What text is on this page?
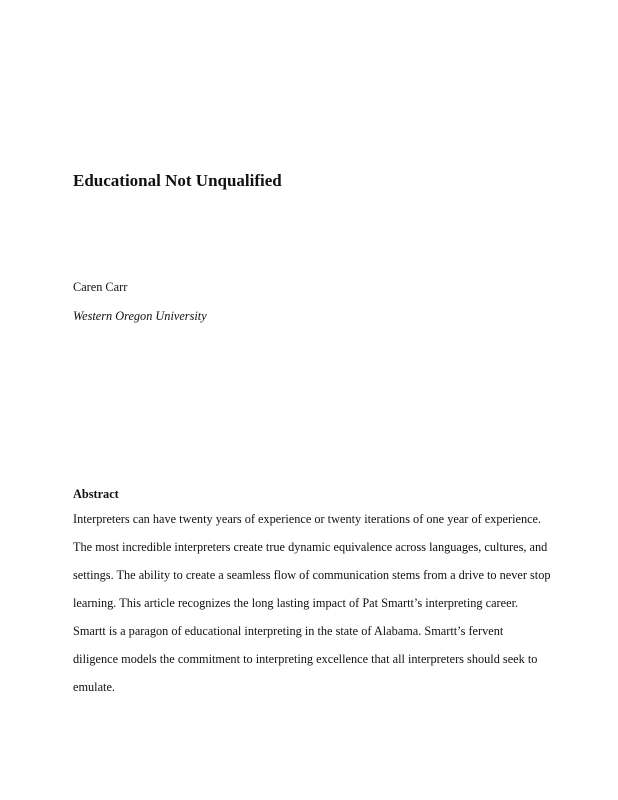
Educational Not Unqualified

Caren Carr

Western Oregon University

Abstract
Interpreters can have twenty years of experience or twenty iterations of one year of experience.
The most incredible interpreters create true dynamic equivalence across languages, cultures, and
settings. The ability to create a seamless flow of communication stems from a drive to never stop
learning. This article recognizes the long lasting impact of Pat Smartt’s interpreting career.
Smartt is a paragon of educational interpreting in the state of Alabama. Smartt’s fervent
diligence models the commitment to interpreting excellence that all interpreters should seek to
emulate.
